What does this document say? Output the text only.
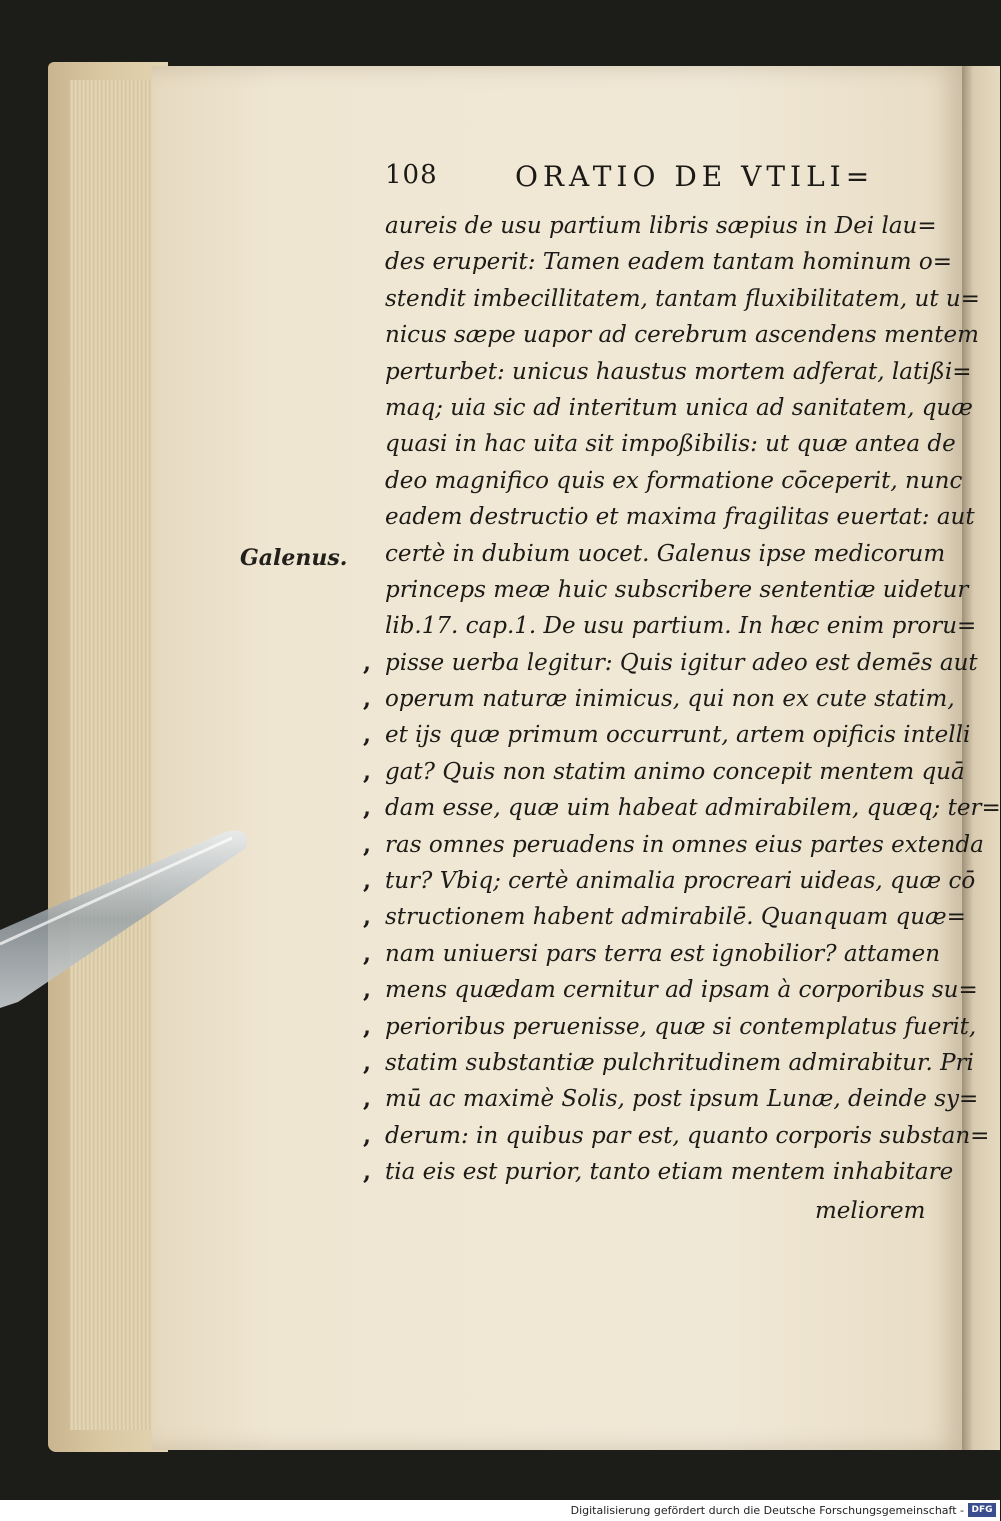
108	ORATIO DE VTILI=
Galenus.
aureis de usu partium libris sæpius in Dei lau=
des eruperit: Tamen eadem tantam hominum o=
stendit imbecillitatem, tantam fluxibilitatem, ut u=
nicus sæpe uapor ad cerebrum ascendens mentem
perturbet: unicus haustus mortem adferat, latißi=
maq; uia sic ad interitum unica ad sanitatem, quæ
quasi in hac uita sit impoßibilis: ut quæ antea de
deo magnifico quis ex formatione cōceperit, nunc
eadem destructio et maxima fragilitas euertat: aut
certè in dubium uocet. Galenus ipse medicorum
princeps meæ huic subscribere sententiæ uidetur
lib.17. cap.1. De usu partium. In hæc enim proru=
, pisse uerba legitur: Quis igitur adeo est demēs aut
, operum naturæ inimicus, qui non ex cute statim,
, et ijs quæ primum occurrunt, artem opificis intelli
, gat? Quis non statim animo concepit mentem quā
, dam esse, quæ uim habeat admirabilem, quæq; ter=
, ras omnes peruadens in omnes eius partes extenda
, tur? Vbiq; certè animalia procreari uideas, quæ cō
, structionem habent admirabilē. Quanquam quæ=
, nam uniuersi pars terra est ignobilior? attamen
, mens quædam cernitur ad ipsam à corporibus su=
, perioribus peruenisse, quæ si contemplatus fuerit,
, statim substantiæ pulchritudinem admirabitur. Pri
, mū ac maximè Solis, post ipsum Lunæ, deinde sy=
, derum: in quibus par est, quanto corporis substan=
, tia eis est purior, tanto etiam mentem inhabitare
meliorem
Digitalisierung gefördert durch die Deutsche Forschungsgemeinschaft - DFG
